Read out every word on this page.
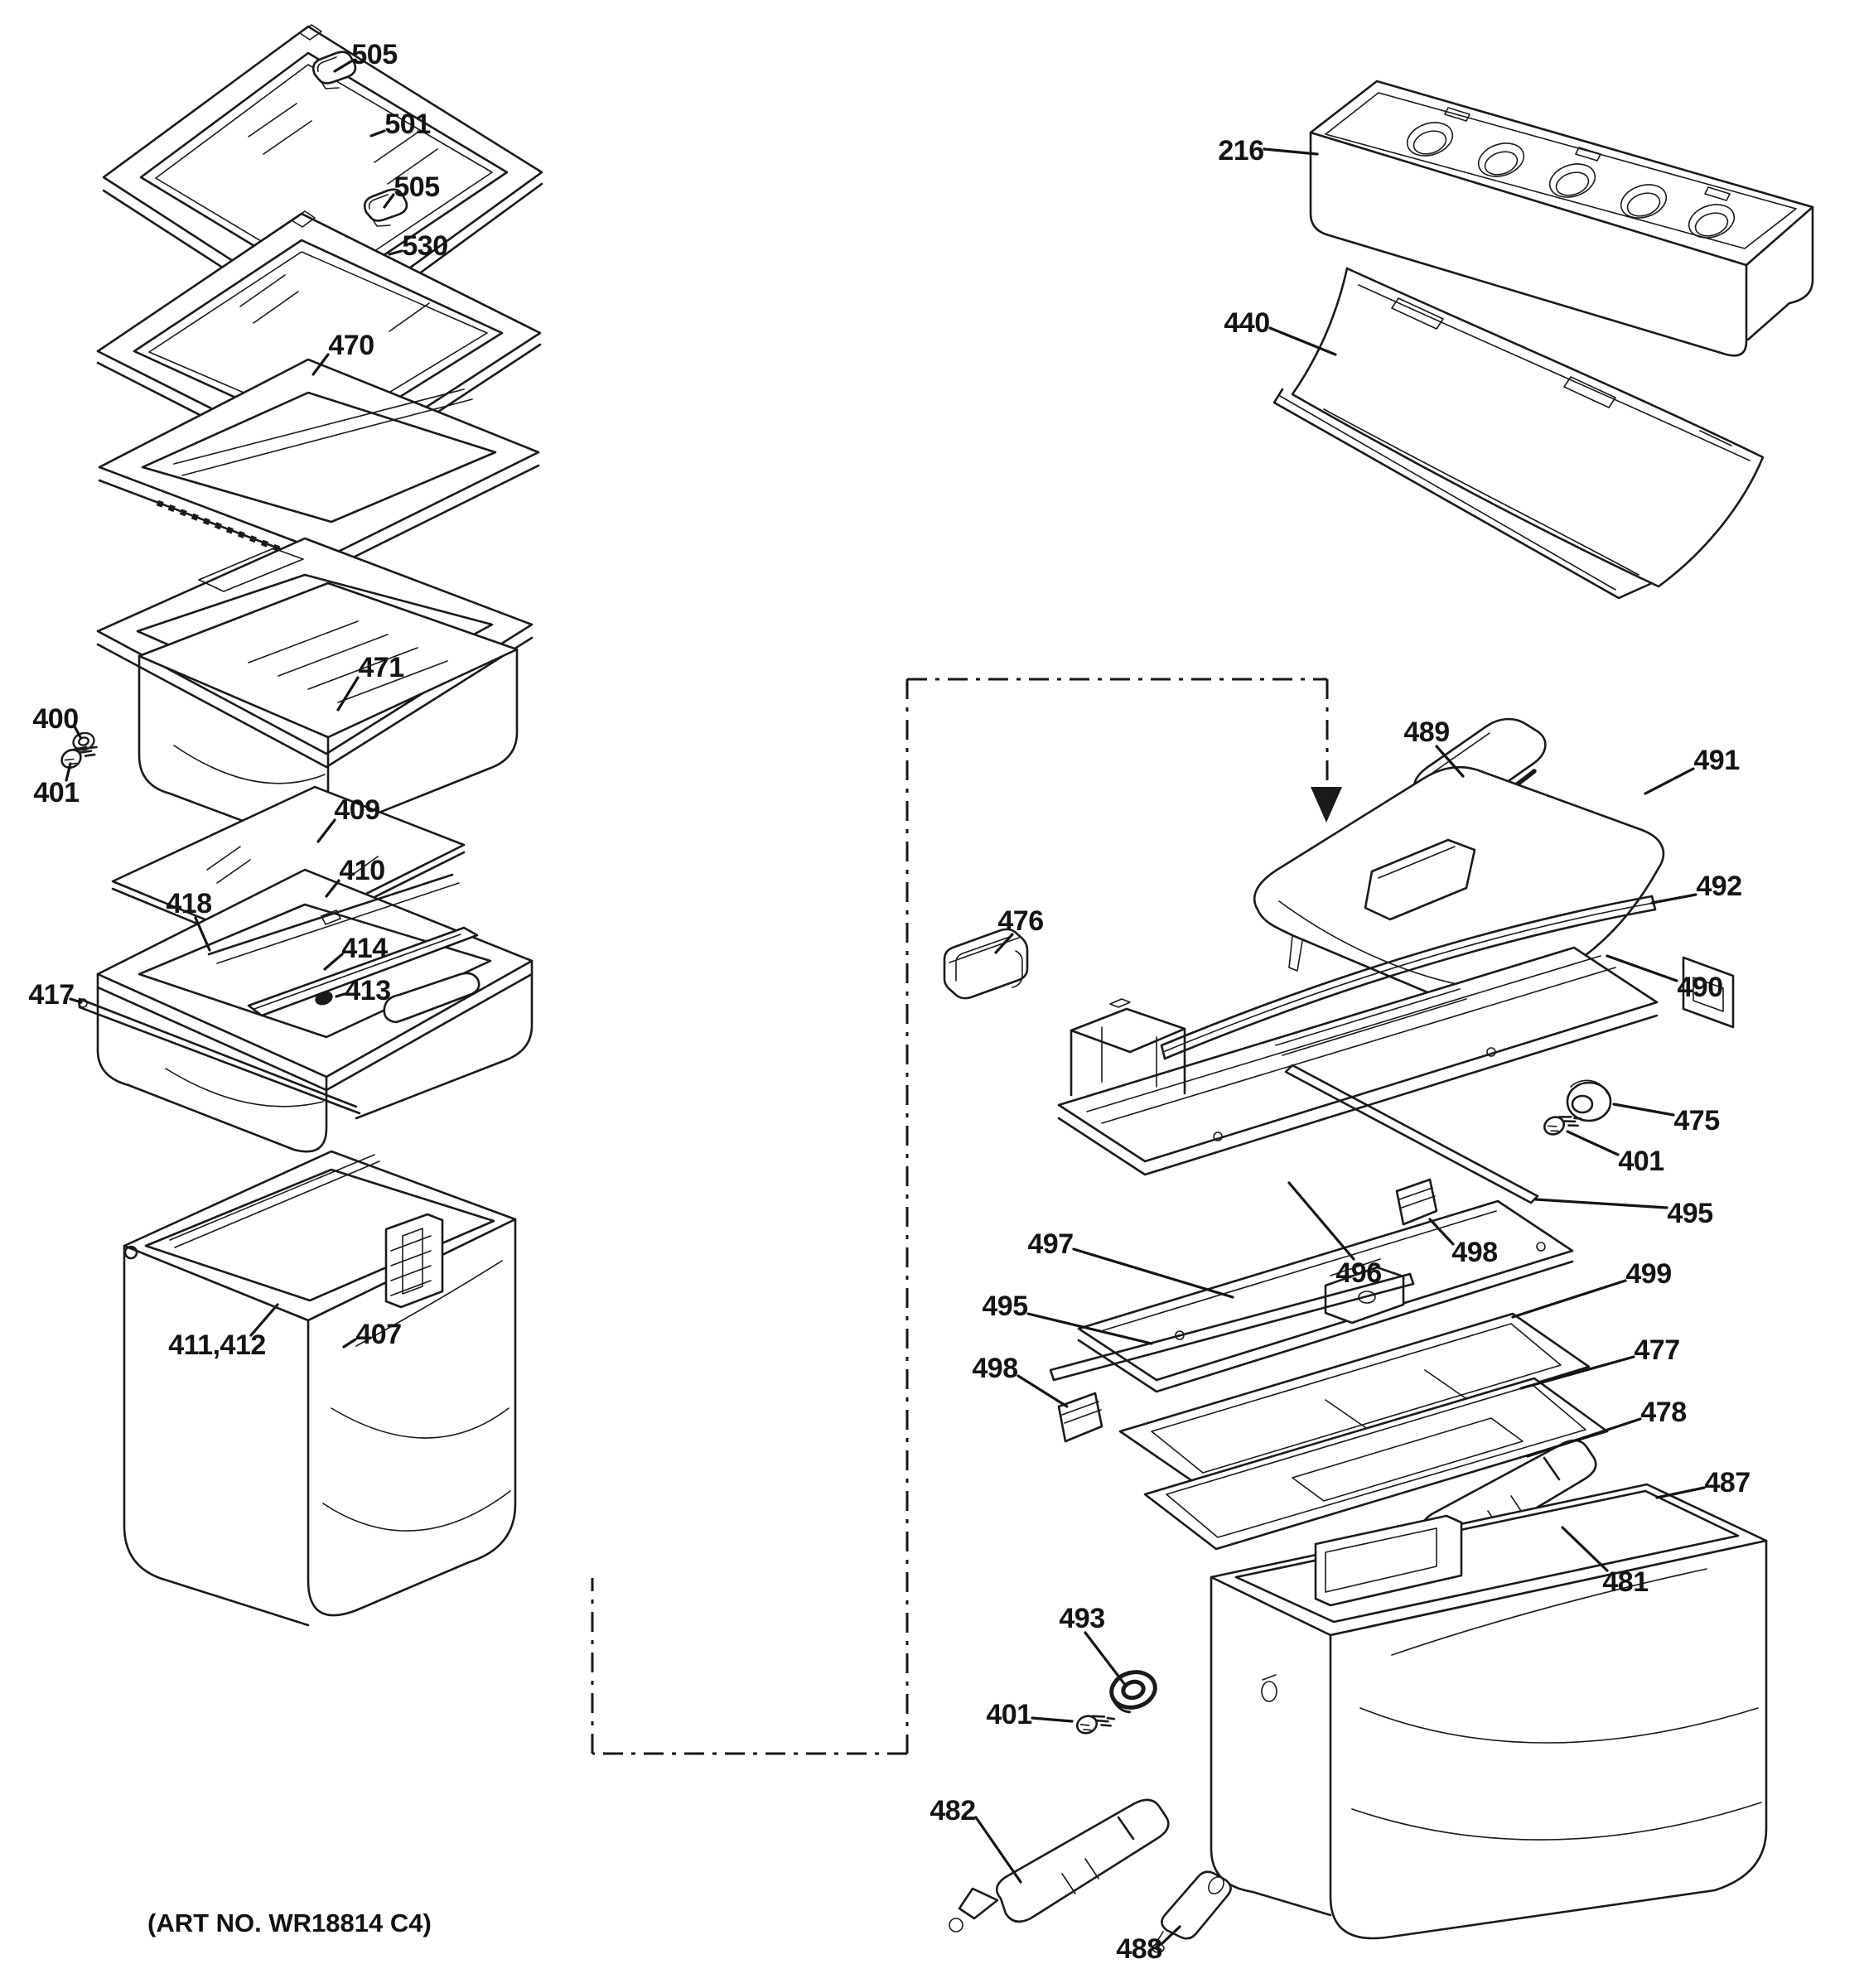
505
501
505
530
470
471
400
401
409
410
418
414
413
417
411,412	407
216
440
489
491
492
490
476
475
401
497
496
498
495
495
498
499
477
478
481
493
401
482
488
487
(ART NO. WR18814 C4)
